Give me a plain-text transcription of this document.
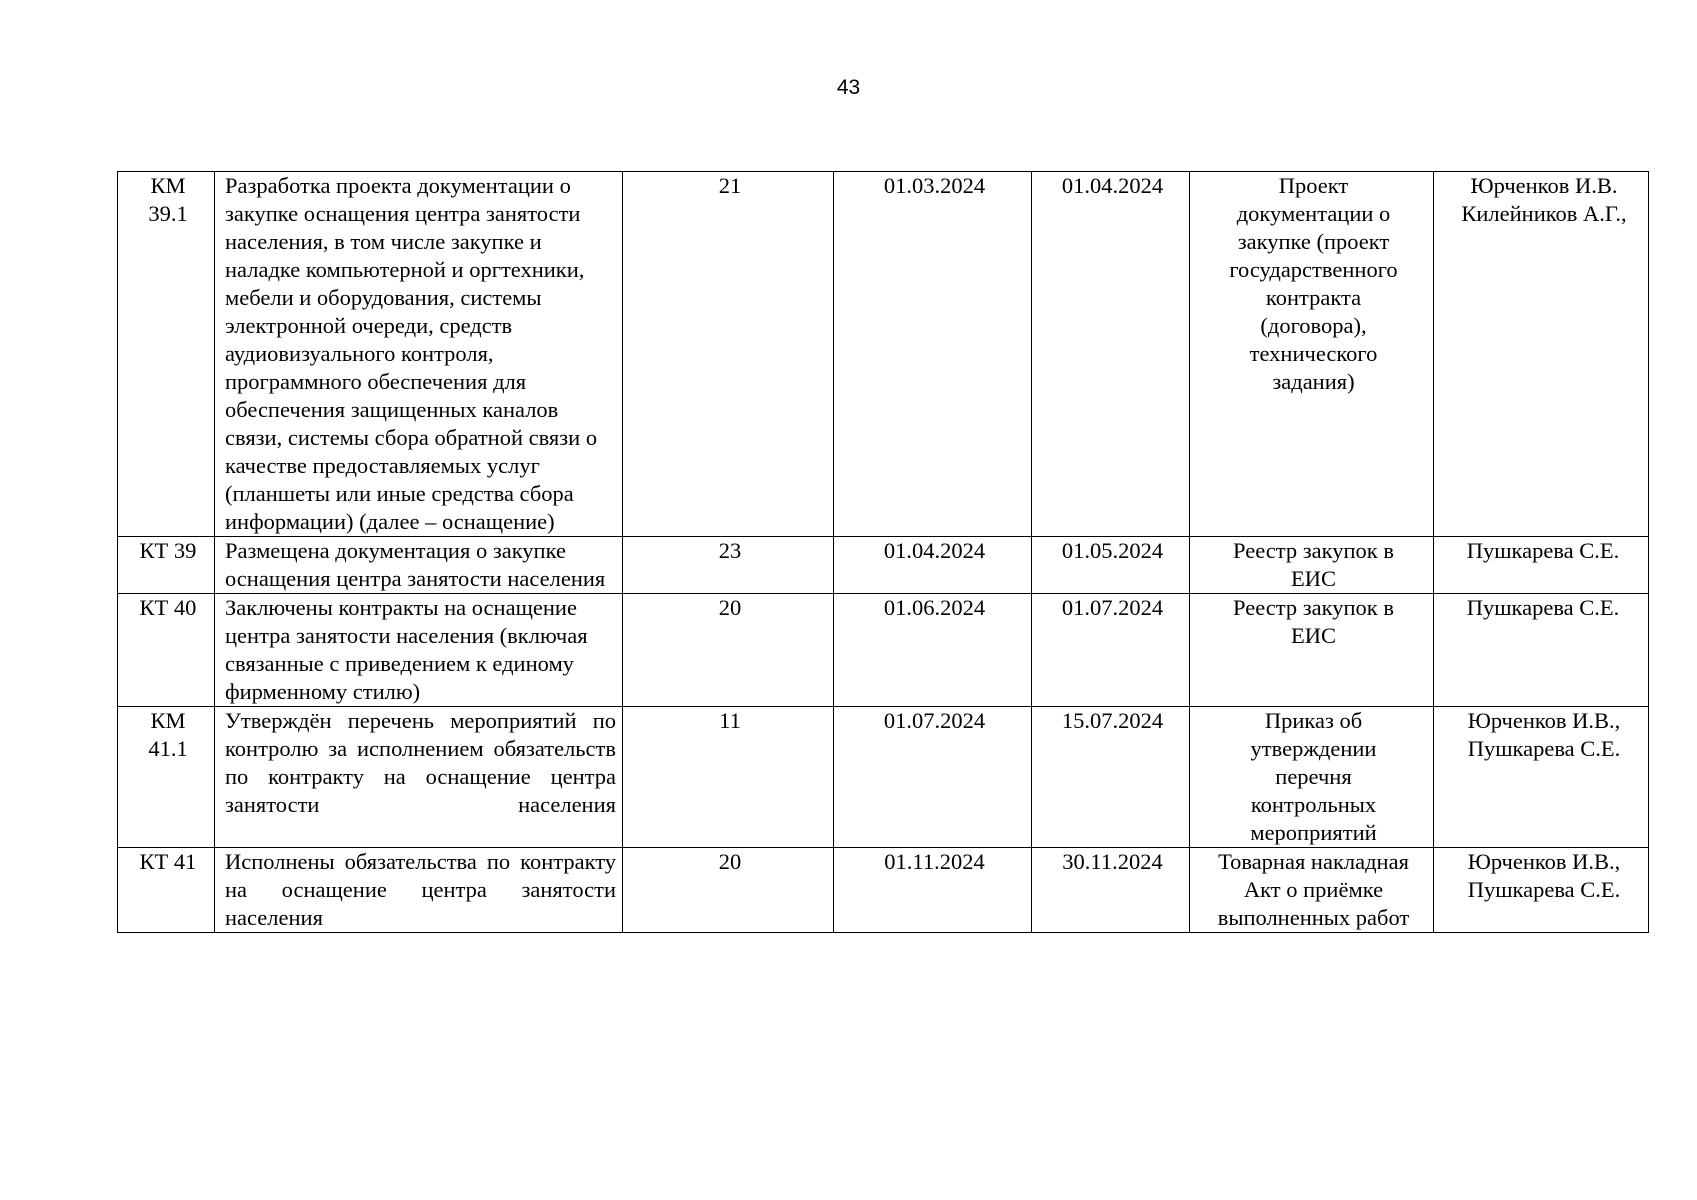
43
КМ 39.1	Разработка проекта документации о закупке оснащения центра занятости населения, в том числе закупке и наладке компьютерной и оргтехники, мебели и оборудования, системы электронной очереди, средств аудиовизуального контроля, программного обеспечения для обеспечения защищенных каналов связи, системы сбора обратной связи о качестве предоставляемых услуг (планшеты или иные средства сбора информации) (далее – оснащение)	21	01.03.2024	01.04.2024	Проект документации о закупке (проект государственного контракта (договора), технического задания)	Юрченков И.В. Килейников А.Г.,
КТ 39	Размещена документация о закупке оснащения центра занятости населения	23	01.04.2024	01.05.2024	Реестр закупок в ЕИС	Пушкарева С.Е.
КТ 40	Заключены контракты на оснащение центра занятости населения (включая связанные с приведением к единому фирменному стилю)	20	01.06.2024	01.07.2024	Реестр закупок в ЕИС	Пушкарева С.Е.
КМ 41.1	Утверждён перечень мероприятий по контролю за исполнением обязательств по контракту на оснащение центра занятости населения	11	01.07.2024	15.07.2024	Приказ об утверждении перечня контрольных мероприятий	Юрченков И.В., Пушкарева С.Е.
КТ 41	Исполнены обязательства по контракту на оснащение центра занятости населения	20	01.11.2024	30.11.2024	Товарная накладная Акт о приёмке выполненных работ	Юрченков И.В., Пушкарева С.Е.
